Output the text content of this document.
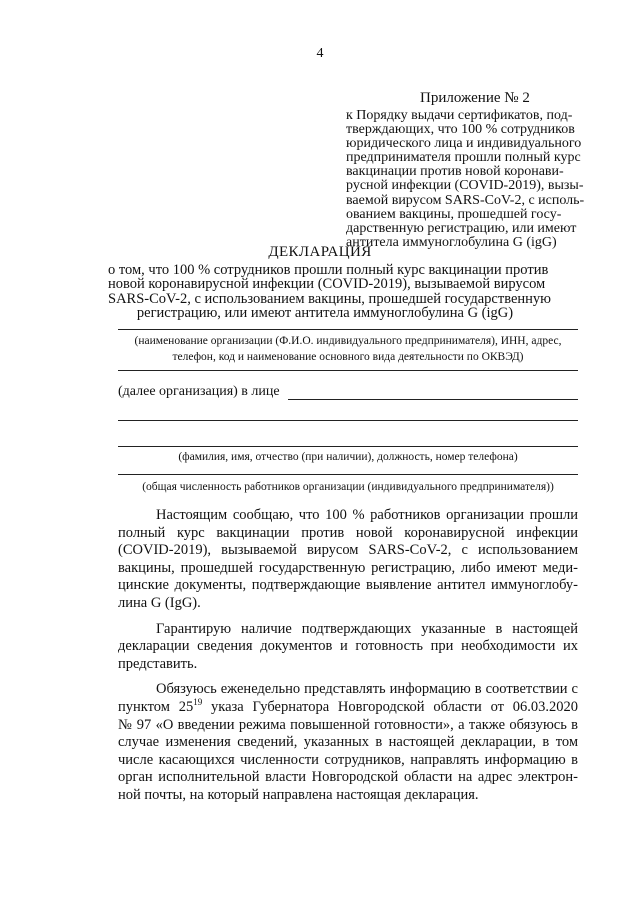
4
Приложение № 2
к Порядку выдачи сертификатов, под-
тверждающих, что 100 % сотрудников
юридического лица и индивидуального
предпринимателя прошли полный курс
вакцинации против новой коронави-
русной инфекции (COVID-2019), вызы-
ваемой вирусом SARS-CoV-2, с исполь-
ованием вакцины, прошедшей госу-
дарственную регистрацию, или имеют
антитела иммуноглобулина G (igG)
ДЕКЛАРАЦИЯ
о том, что 100 % сотрудников прошли полный курс вакцинации против
новой коронавирусной инфекции (COVID-2019), вызываемой вирусом
SARS-CoV-2, с использованием вакцины, прошедшей государственную
регистрацию, или имеют антитела иммуноглобулина G (igG)
(наименование организации (Ф.И.О. индивидуального предпринимателя), ИНН, адрес,
телефон, код и наименование основного вида деятельности по ОКВЭД)
(далее организация) в лице
(фамилия, имя, отчество (при наличии), должность, номер телефона)
(общая численность работников организации (индивидуального предпринимателя))

Настоящим сообщаю, что 100 % работников организации прошли
полный курс вакцинации против новой коронавирусной инфекции
(COVID-2019), вызываемой вирусом SARS-CoV-2, с использованием
вакцины, прошедшей государственную регистрацию, либо имеют меди-
цинские документы, подтверждающие выявление антител иммуноглобу-
лина G (IgG).

Гарантирую наличие подтверждающих указанные в настоящей
декларации сведения документов и готовность при необходимости их
представить.

Обязуюсь еженедельно представлять информацию в соответствии с
пунктом $25^{19}$ указа Губернатора Новгородской области от 06.03.2020
№ 97 «О введении режима повышенной готовности», а также обязуюсь в
случае изменения сведений, указанных в настоящей декларации, в том
числе касающихся численности сотрудников, направлять информацию в
орган исполнительной власти Новгородской области на адрес электрон-
ной почты, на который направлена настоящая декларация.
